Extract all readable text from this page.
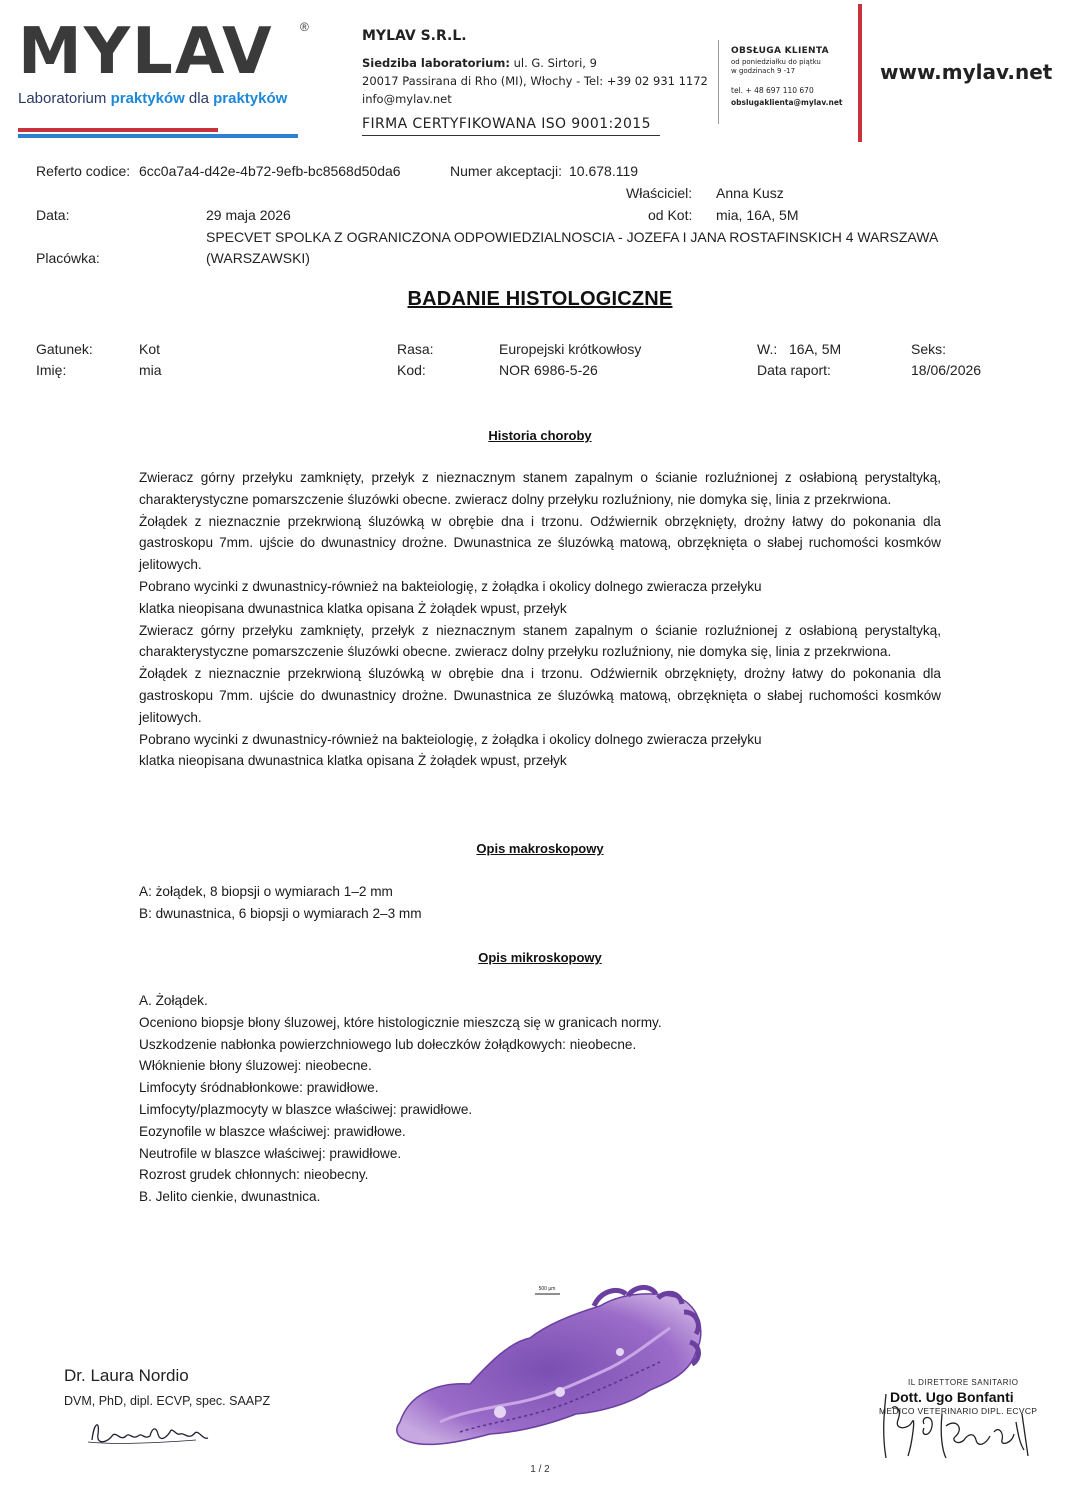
MYLAV ®
Laboratorium praktyków dla praktyków
MYLAV S.R.L.
Siedziba laboratorium: ul. G. Sirtori, 9
20017 Passirana di Rho (MI), Włochy - Tel: +39 02 931 1172
info@mylav.net
FIRMA CERTYFIKOWANA ISO 9001:2015
OBSŁUGA KLIENTA
od poniedziałku do piątku
w godzinach 9 -17
tel. + 48 697 110 670
obslugaklienta@mylav.net
www.mylav.net
Referto codice: 6cc0a7a4-d42e-4b72-9efb-bc8568d50da6	Numer akceptacji: 10.678.119
Właściciel: Anna Kusz
Data:	29 maja 2026	od Kot: mia, 16A, 5M
SPECVET SPOLKA Z OGRANICZONA ODPOWIEDZIALNOSCIA - JOZEFA I JANA ROSTAFINSKICH 4 WARSZAWA
Placówka:	(WARSZAWSKI)
BADANIE HISTOLOGICZNE
Gatunek:	Kot	Rasa:	Europejski krótkowłosy	W.: 16A, 5M	Seks:
Imię:	mia	Kod:	NOR 6986-5-26	Data raport:	18/06/2026
Historia choroby

Zwieracz górny przełyku zamknięty, przełyk z nieznacznym stanem zapalnym o ścianie rozluźnionej z osłabioną perystaltyką, charakterystyczne pomarszczenie śluzówki obecne. zwieracz dolny przełyku rozluźniony, nie domyka się, linia z przekrwiona.

Żołądek z nieznacznie przekrwioną śluzówką w obrębie dna i trzonu. Odźwiernik obrzęknięty, drożny łatwy do pokonania dla gastroskopu 7mm. ujście do dwunastnicy drożne. Dwunastnica ze śluzówką matową, obrzęknięta o słabej ruchomości kosmków jelitowych.

Pobrano wycinki z dwunastnicy-również na bakteiologię, z żołądka i okolicy dolnego zwieracza przełyku

klatka nieopisana dwunastnica klatka opisana Ż żołądek wpust, przełyk

Zwieracz górny przełyku zamknięty, przełyk z nieznacznym stanem zapalnym o ścianie rozluźnionej z osłabioną perystaltyką, charakterystyczne pomarszczenie śluzówki obecne. zwieracz dolny przełyku rozluźniony, nie domyka się, linia z przekrwiona.

Żołądek z nieznacznie przekrwioną śluzówką w obrębie dna i trzonu. Odźwiernik obrzęknięty, drożny łatwy do pokonania dla gastroskopu 7mm. ujście do dwunastnicy drożne. Dwunastnica ze śluzówką matową, obrzęknięta o słabej ruchomości kosmków jelitowych.

Pobrano wycinki z dwunastnicy-również na bakteiologię, z żołądka i okolicy dolnego zwieracza przełyku

klatka nieopisana dwunastnica klatka opisana Ż żołądek wpust, przełyk

Opis makroskopowy
A: żołądek, 8 biopsji o wymiarach 1–2 mm
B: dwunastnica, 6 biopsji o wymiarach 2–3 mm
Opis mikroskopowy
A. Żołądek.
Oceniono biopsje błony śluzowej, które histologicznie mieszczą się w granicach normy.
Uszkodzenie nabłonka powierzchniowego lub dołeczków żołądkowych: nieobecne.
Włóknienie błony śluzowej: nieobecne.
Limfocyty śródnabłonkowe: prawidłowe.
Limfocyty/plazmocyty w blaszce właściwej: prawidłowe.
Eozynofile w blaszce właściwej: prawidłowe.
Neutrofile w blaszce właściwej: prawidłowe.
Rozrost grudek chłonnych: nieobecny.
B. Jelito cienkie, dwunastnica.
Dr. Laura Nordio
DVM, PhD, dipl. ECVP, spec. SAAPZ
500 µm
1 / 2
IL DIRETTORE SANITARIO
Dott. Ugo Bonfanti
MEDICO VETERINARIO DIPL. ECVCP
